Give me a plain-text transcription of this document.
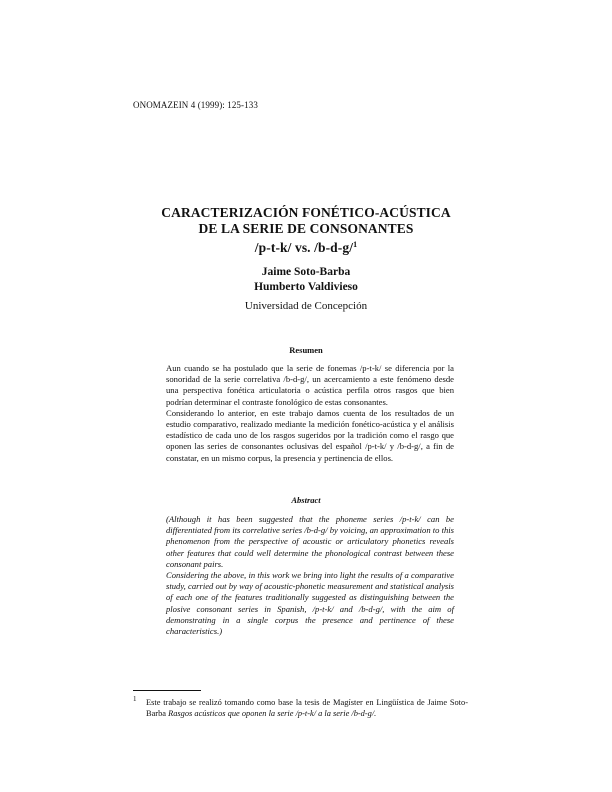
ONOMAZEIN 4 (1999): 125-133
CARACTERIZACIÓN FONÉTICO-ACÚSTICA
DE LA SERIE DE CONSONANTES
/p-t-k/ vs. /b-d-g/$^1$
Jaime Soto-Barba
Humberto Valdivieso
Universidad de Concepción
Resumen

Aun cuando se ha postulado que la serie de fonemas /p-t-k/ se diferencia por la sonoridad de la serie correlativa /b-d-g/, un acercamiento a este fenómeno desde una perspectiva fonética articulatoria o acústica perfila otros rasgos que bien podrían determinar el contraste fonológico de estas consonantes.

Considerando lo anterior, en este trabajo damos cuenta de los resultados de un estudio comparativo, realizado mediante la medición fonético-acústica y el análisis estadístico de cada uno de los rasgos sugeridos por la tradición como el rasgo que oponen las series de consonantes oclusivas del español /p-t-k/ y /b-d-g/, a fin de constatar, en un mismo corpus, la presencia y pertinencia de ellos.

Abstract

(Although it has been suggested that the phoneme series /p-t-k/ can be differentiated from its correlative series /b-d-g/ by voicing, an approximation to this phenomenon from the perspective of acoustic or articulatory phonetics reveals other features that could well determine the phonological contrast between these consonant pairs.

Considering the above, in this work we bring into light the results of a comparative study, carried out by way of acoustic-phonetic measurement and statistical analysis of each one of the features traditionally suggested as distinguishing between the plosive consonant series in Spanish, /p-t-k/ and /b-d-g/, with the aim of demonstrating in a single corpus the presence and pertinence of these characteristics.)

1 Este trabajo se realizó tomando como base la tesis de Magíster en Lingüística de Jaime Soto-Barba Rasgos acústicos que oponen la serie /p-t-k/ a la serie /b-d-g/.
